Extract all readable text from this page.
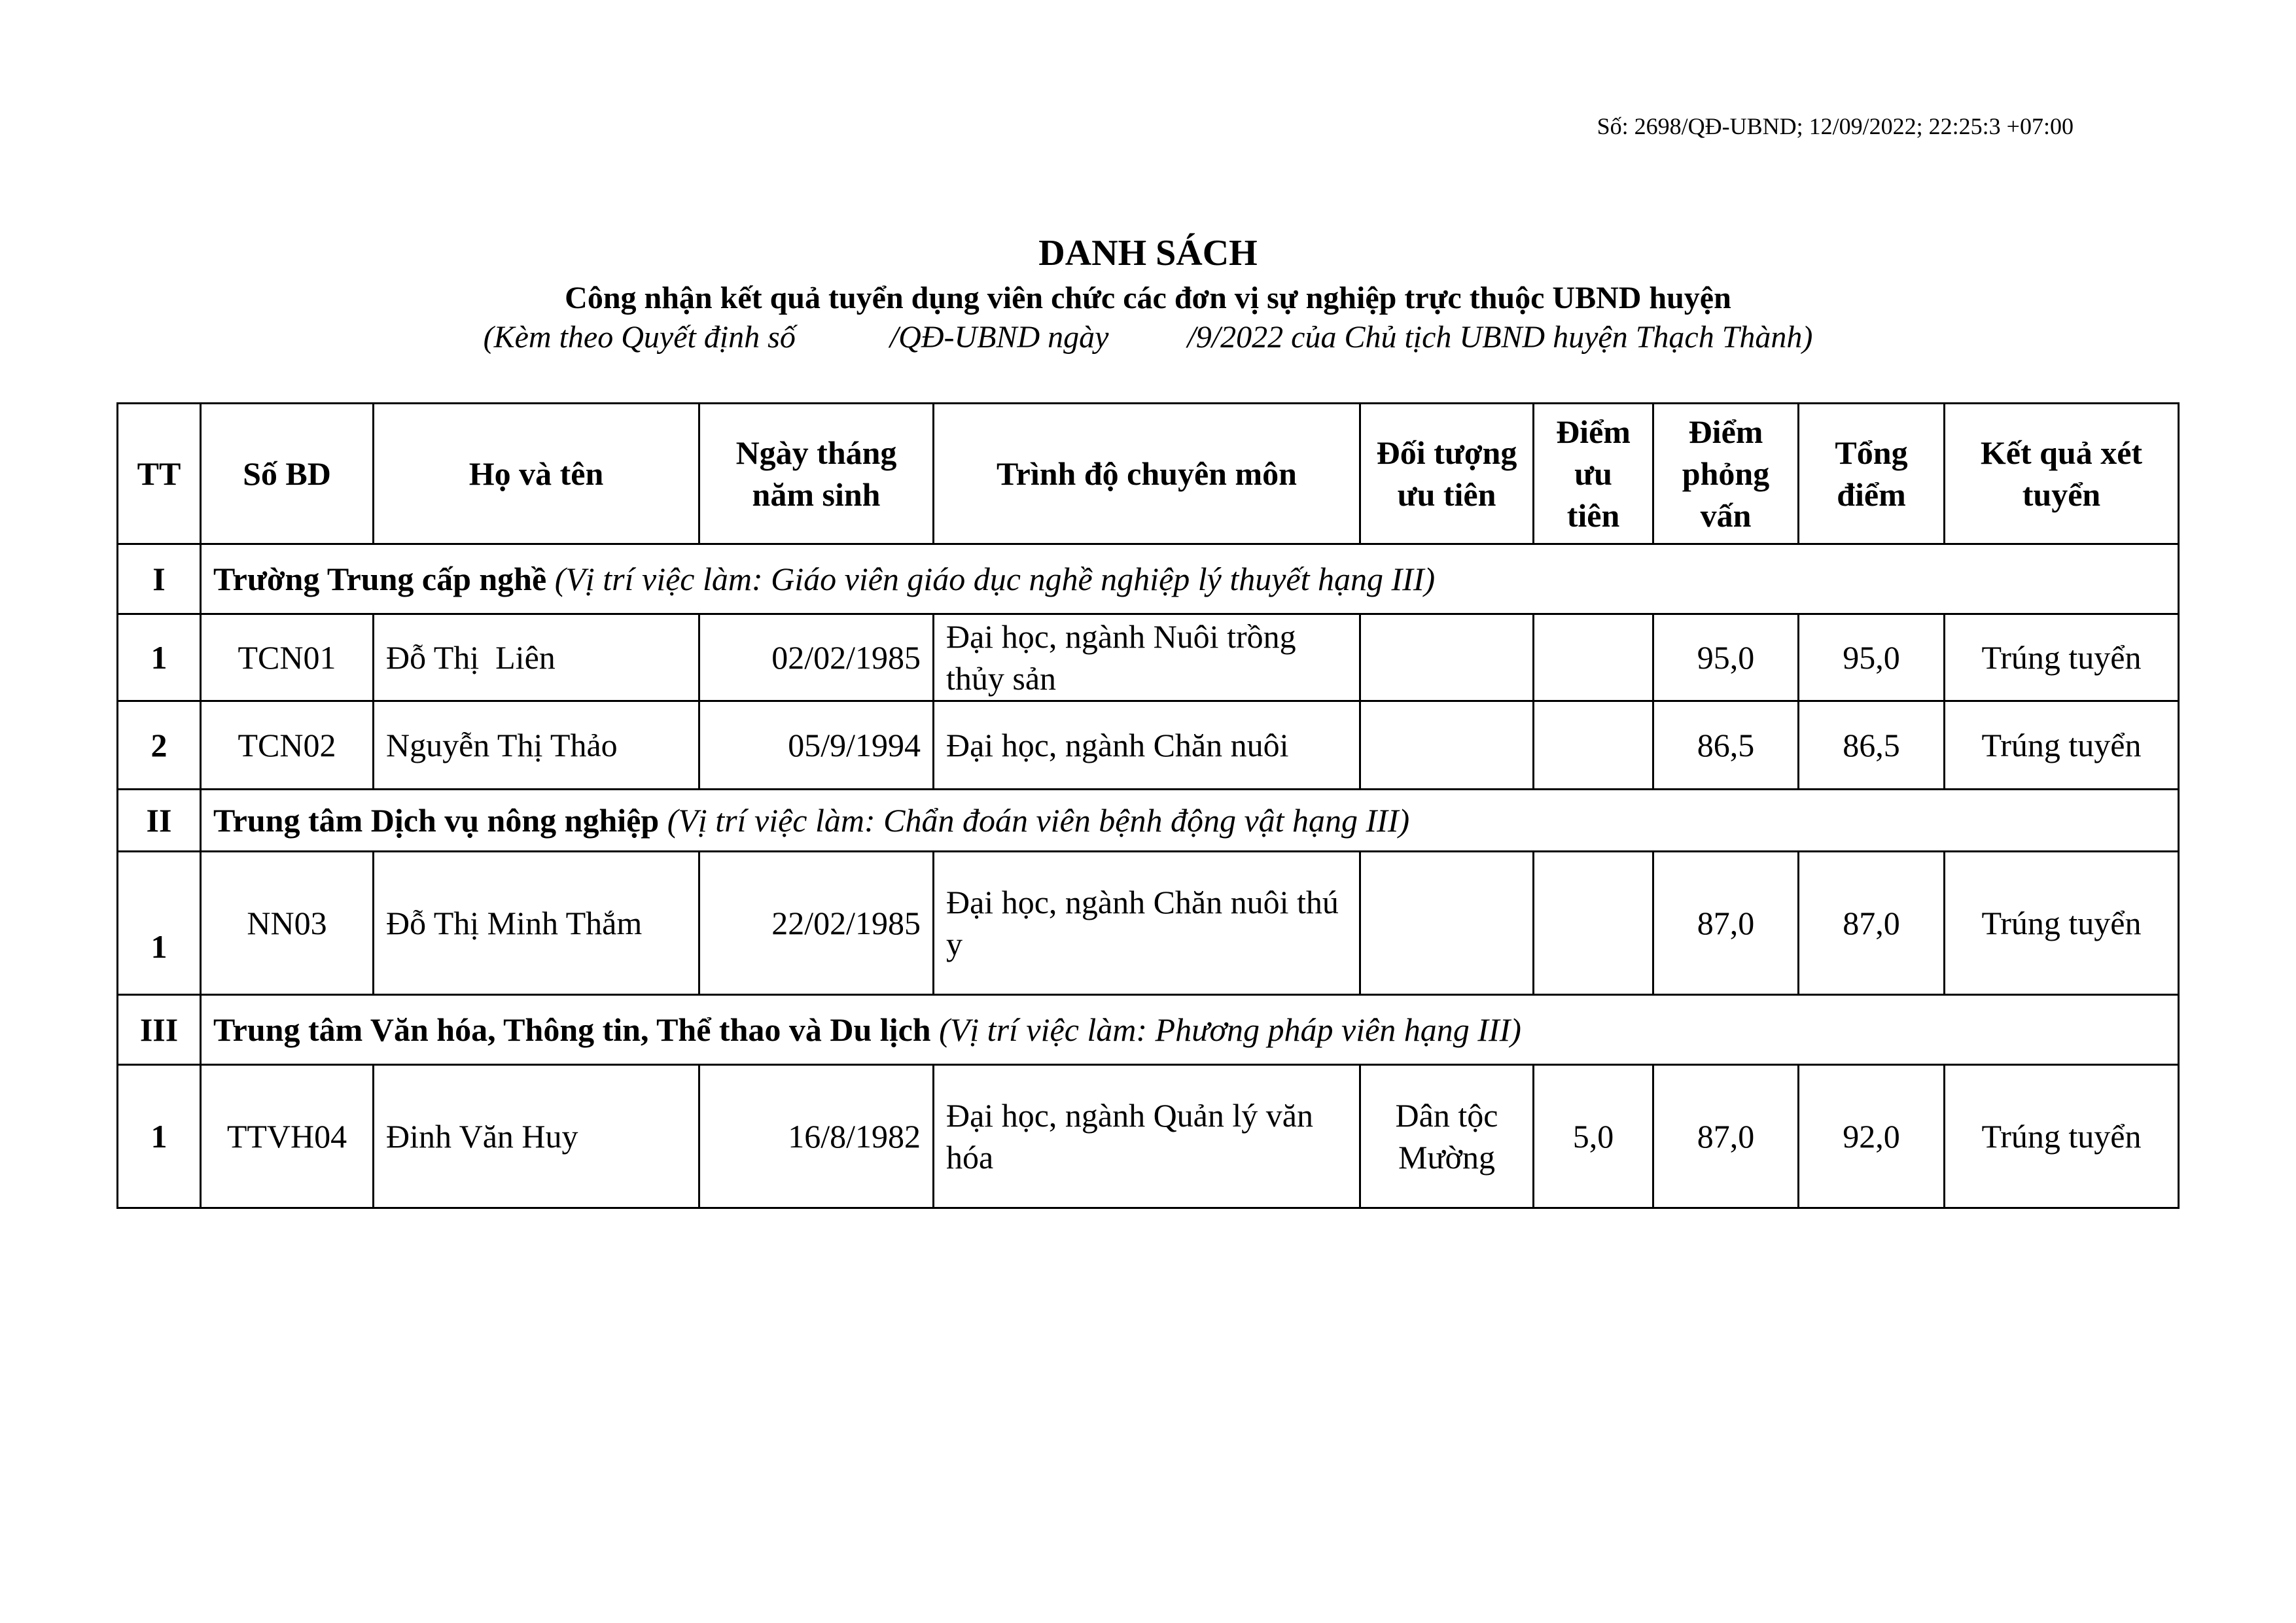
Số: 2698/QĐ-UBND; 12/09/2022; 22:25:3 +07:00
DANH SÁCH
Công nhận kết quả tuyển dụng viên chức các đơn vị sự nghiệp trực thuộc UBND huyện
(Kèm theo Quyết định số            /QĐ-UBND ngày          /9/2022 của Chủ tịch UBND huyện Thạch Thành)
TT	Số BD	Họ và tên	Ngày tháng năm sinh	Trình độ chuyên môn	Đối tượng ưu tiên	Điểm ưu tiên	Điểm phỏng vấn	Tổng điểm	Kết quả xét tuyển
I	Trường Trung cấp nghề (Vị trí việc làm: Giáo viên giáo dục nghề nghiệp lý thuyết hạng III)								
1	TCN01	Đỗ Thị  Liên	02/02/1985	Đại học, ngành Nuôi trồng thủy sản			95,0	95,0	Trúng tuyển
2	TCN02	Nguyễn Thị Thảo	05/9/1994	Đại học, ngành Chăn nuôi			86,5	86,5	Trúng tuyển
II	Trung tâm Dịch vụ nông nghiệp (Vị trí việc làm: Chẩn đoán viên bệnh động vật hạng III)								
1	NN03	Đỗ Thị Minh Thắm	22/02/1985	Đại học, ngành Chăn nuôi thú y			87,0	87,0	Trúng tuyển
III	Trung tâm Văn hóa, Thông tin, Thể thao và Du lịch (Vị trí việc làm: Phương pháp viên hạng III)								
1	TTVH04	Đinh Văn Huy	16/8/1982	Đại học, ngành Quản lý văn hóa	Dân tộc Mường	5,0	87,0	92,0	Trúng tuyển
